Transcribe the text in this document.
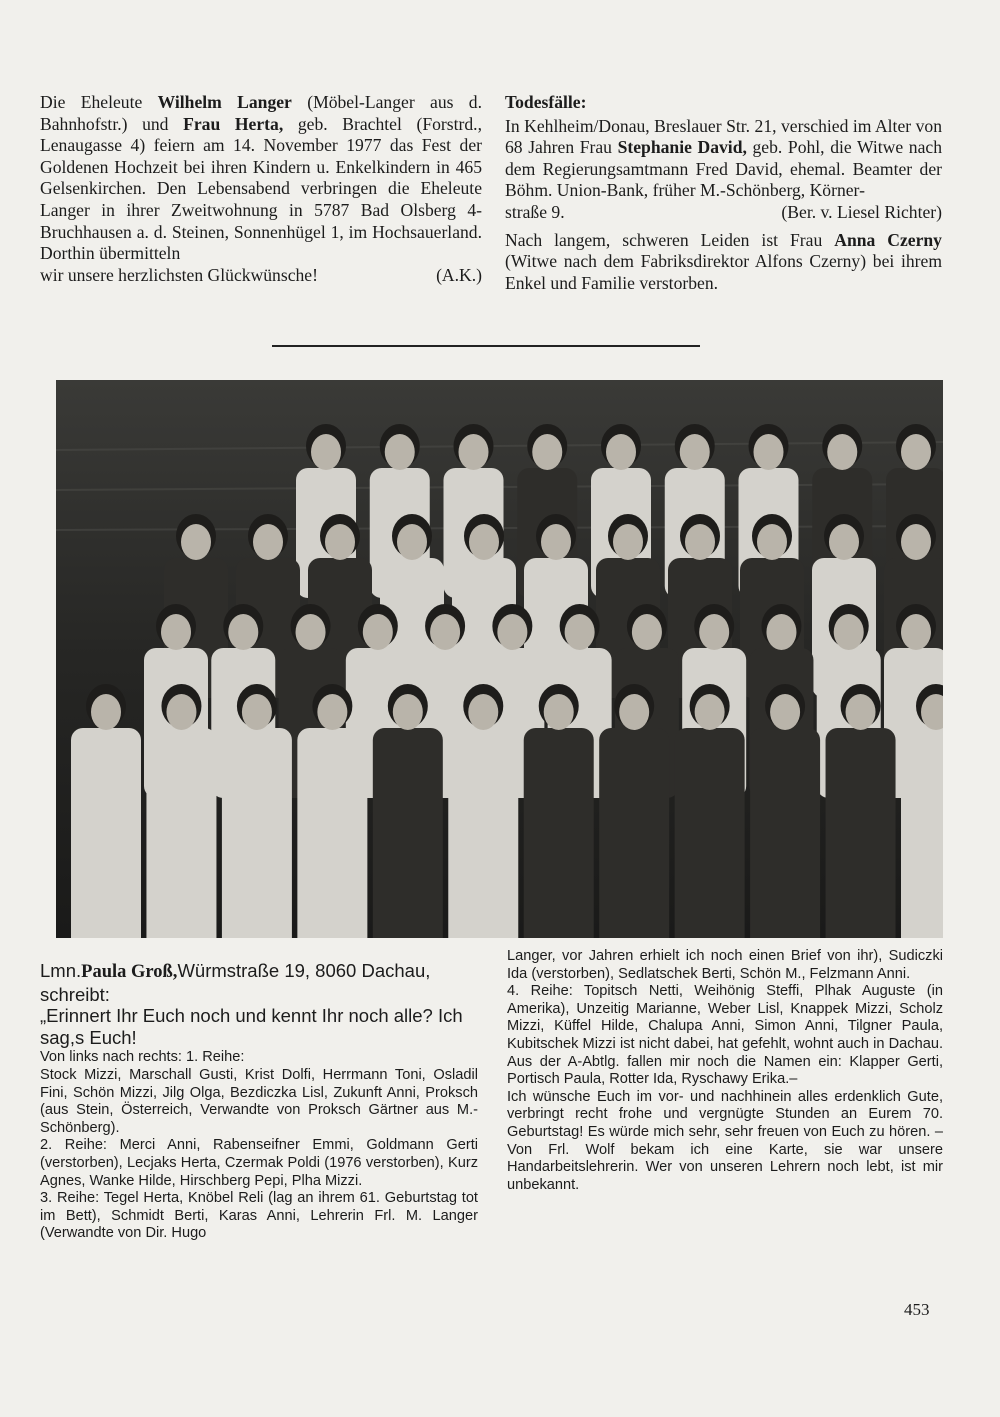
Die Eheleute Wilhelm Langer (Möbel-Langer aus d. Bahnhofstr.) und Frau Herta, geb. Brachtel (Forstrd., Lenaugasse 4) feiern am 14. November 1977 das Fest der Goldenen Hochzeit bei ihren Kindern u. Enkelkindern in 465 Gelsenkirchen. Den Lebensabend verbringen die Eheleute Langer in ihrer Zweitwohnung in 5787 Bad Olsberg 4-Bruchhausen a. d. Steinen, Sonnenhügel 1, im Hochsauerland. Dorthin übermitteln

wir unsere herzlichsten Glückwünsche!	(A.K.)
Todesfälle:

In Kehlheim/Donau, Breslauer Str. 21, verschied im Alter von 68 Jahren Frau Stephanie David, geb. Pohl, die Witwe nach dem Regierungsamtmann Fred David, ehemal. Beamter der Böhm. Union-Bank, früher M.-Schönberg, Körner-

straße 9.	(Ber. v. Liesel Richter)

Nach langem, schweren Leiden ist Frau Anna Czerny (Witwe nach dem Fabriksdirektor Alfons Czerny) bei ihrem Enkel und Familie verstorben.

Lmn.Paula Groß,Würmstraße 19, 8060 Dachau, schreibt:
„Erinnert Ihr Euch noch und kennt Ihr noch alle? Ich sag,s Euch!

Von links nach rechts: 1. Reihe:

Stock Mizzi, Marschall Gusti, Krist Dolfi, Herrmann Toni, Osladil Fini, Schön Mizzi, Jilg Olga, Bezdiczka Lisl, Zukunft Anni, Proksch (aus Stein, Österreich, Verwandte von Proksch Gärtner aus M.-Schönberg).

2. Reihe: Merci Anni, Rabenseifner Emmi, Goldmann Gerti (verstorben), Lecjaks Herta, Czermak Poldi (1976 verstorben), Kurz Agnes, Wanke Hilde, Hirschberg Pepi, Plha Mizzi.

3. Reihe: Tegel Herta, Knöbel Reli (lag an ihrem 61. Geburtstag tot im Bett), Schmidt Berti, Karas Anni, Lehrerin Frl. M. Langer (Verwandte von Dir. Hugo

Langer, vor Jahren erhielt ich noch einen Brief von ihr), Sudiczki Ida (verstorben), Sedlatschek Berti, Schön M., Felzmann Anni.

4. Reihe: Topitsch Netti, Weihönig Steffi, Plhak Auguste (in Amerika), Unzeitig Marianne, Weber Lisl, Knappek Mizzi, Scholz Mizzi, Küffel Hilde, Chalupa Anni, Simon Anni, Tilgner Paula, Kubitschek Mizzi ist nicht dabei, hat gefehlt, wohnt auch in Dachau. Aus der A-Abtlg. fallen mir noch die Namen ein: Klapper Gerti, Portisch Paula, Rotter Ida, Ryschawy Erika.–

Ich wünsche Euch im vor- und nachhinein alles erdenklich Gute, verbringt recht frohe und vergnügte Stunden an Eurem 70. Geburtstag! Es würde mich sehr, sehr freuen von Euch zu hören. – Von Frl. Wolf bekam ich eine Karte, sie war unsere Handarbeitslehrerin. Wer von unseren Lehrern noch lebt, ist mir unbekannt.

453
